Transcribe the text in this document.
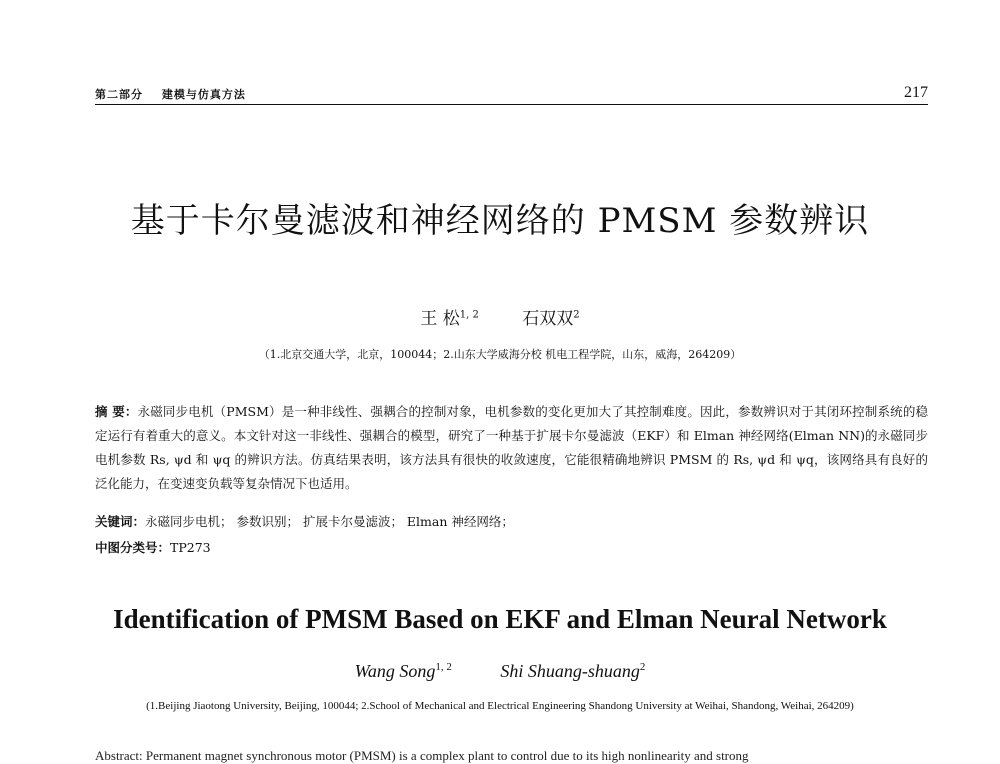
第二部分 建模与仿真方法	217
基于卡尔曼滤波和神经网络的 PMSM 参数辨识
王 松$^{1, 2}$	石双双$^2$
（1.北京交通大学，北京，100044；2.山东大学威海分校 机电工程学院，山东，威海，264209）
摘 要：永磁同步电机（PMSM）是一种非线性、强耦合的控制对象，电机参数的变化更加大了其控制难度。因此，参数辨识对于其闭环控制系统的稳定运行有着重大的意义。本文针对这一非线性、强耦合的模型，研究了一种基于扩展卡尔曼滤波（EKF）和 Elman 神经网络(Elman NN)的永磁同步电机参数 Rs, ψd 和 ψq 的辨识方法。仿真结果表明，该方法具有很快的收敛速度，它能很精确地辨识 PMSM 的 Rs, ψd 和 ψq，该网络具有良好的泛化能力，在变速变负载等复杂情况下也适用。
关键词：永磁同步电机； 参数识别； 扩展卡尔曼滤波； Elman 神经网络；
中图分类号：TP273
Identification of PMSM Based on EKF and Elman Neural Network
Wang Song$^{1, 2}$	Shi Shuang-shuang$^2$
(1.Beijing Jiaotong University, Beijing, 100044; 2.School of Mechanical and Electrical Engineering Shandong University at Weihai, Shandong, Weihai, 264209)
Abstract: Permanent magnet synchronous motor (PMSM) is a complex plant to control due to its high nonlinearity and strong
